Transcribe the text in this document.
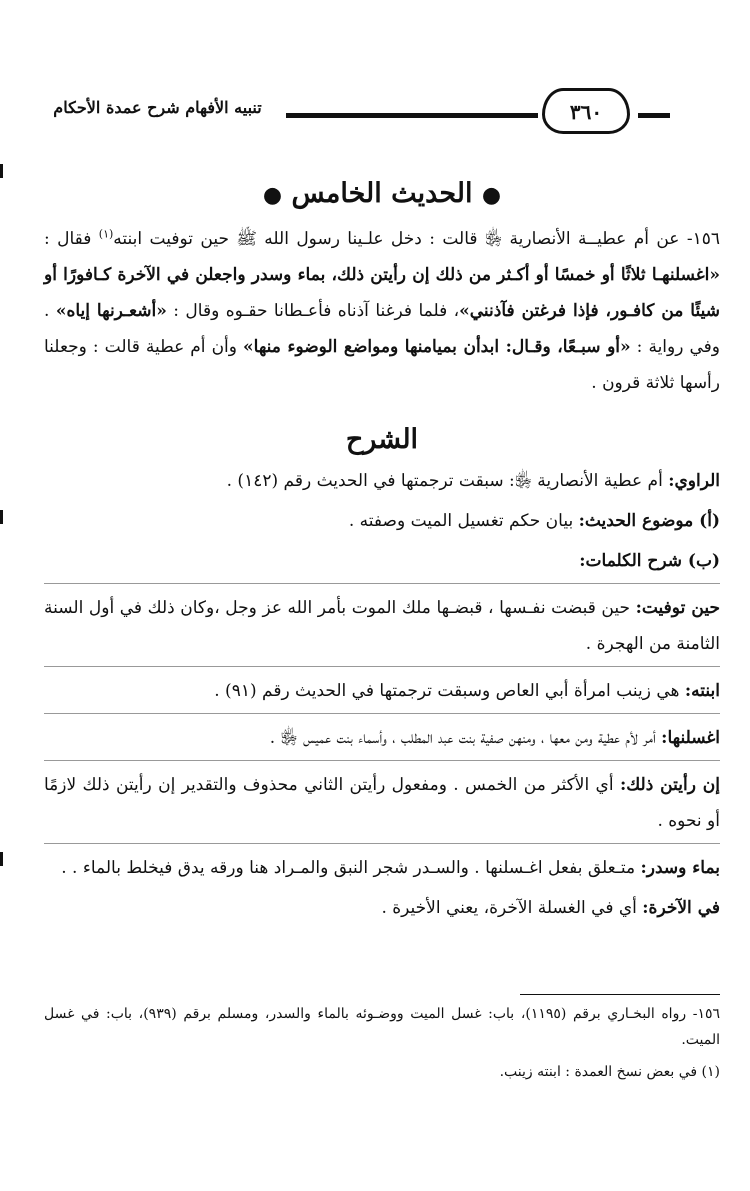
تنبيه الأفهام شرح عمدة الأحكام	٣٦٠
● الحديث الخامس ●

١٥٦- عن أم عطيــة الأنصارية ﵂ قالت : دخل علـينا رسول الله ﷺ حين توفيت ابنته$^{(١)}$ فقال : «اغسلنهـا ثلاثًا أو خمسًا أو أكـثر من ذلك إن رأيتن ذلك، بماء وسدر واجعلن في الآخرة كـافورًا أو شيئًا من كافـور، فإذا فرغتن فآذنني»، فلما فرغنا آذناه فأعـطانا حقـوه وقال : «أشعـرنها إياه» . وفي رواية : «أو سبـعًا، وقـال: ابدأن بميامنها ومواضع الوضوء منها» وأن أم عطية قالت : وجعلنا رأسها ثلاثة قرون .

الشرح

الراوي: أم عطية الأنصارية ﵂: سبقت ترجمتها في الحديث رقم (١٤٢) .

(أ) موضوع الحديث: بيان حكم تغسيل الميت وصفته .

(ب) شرح الكلمات:

حين توفيت: حين قبضت نفـسها ، قبضـها ملك الموت بأمر الله عز وجل ،وكان ذلك في أول السنة الثامنة من الهجرة .

ابنته: هي زينب امرأة أبي العاص وسبقت ترجمتها في الحديث رقم (٩١) .

اغسلنها: أمر لأم عطية ومن معها ، ومنهن صفية بنت عبد المطلب ، وأسماء بنت عميس ﵂ .

إن رأيتن ذلك: أي الأكثر من الخمس . ومفعول رأيتن الثاني محذوف والتقدير إن رأيتن ذلك لازمًا أو نحوه .

بماء وسدر: متـعلق بفعل اغـسلنها . والسـدر شجر النبق والمـراد هنا ورقه يدق فيخلط بالماء . .

في الآخرة: أي في الغسلة الآخرة، يعني الأخيرة .

١٥٦- رواه البخـاري برقم (١١٩٥)، باب: غسل الميت ووضـوئه بالماء والسدر، ومسلم برقم (٩٣٩)، باب: في غسل الميت.

(١) في بعض نسخ العمدة : ابنته زينب.
